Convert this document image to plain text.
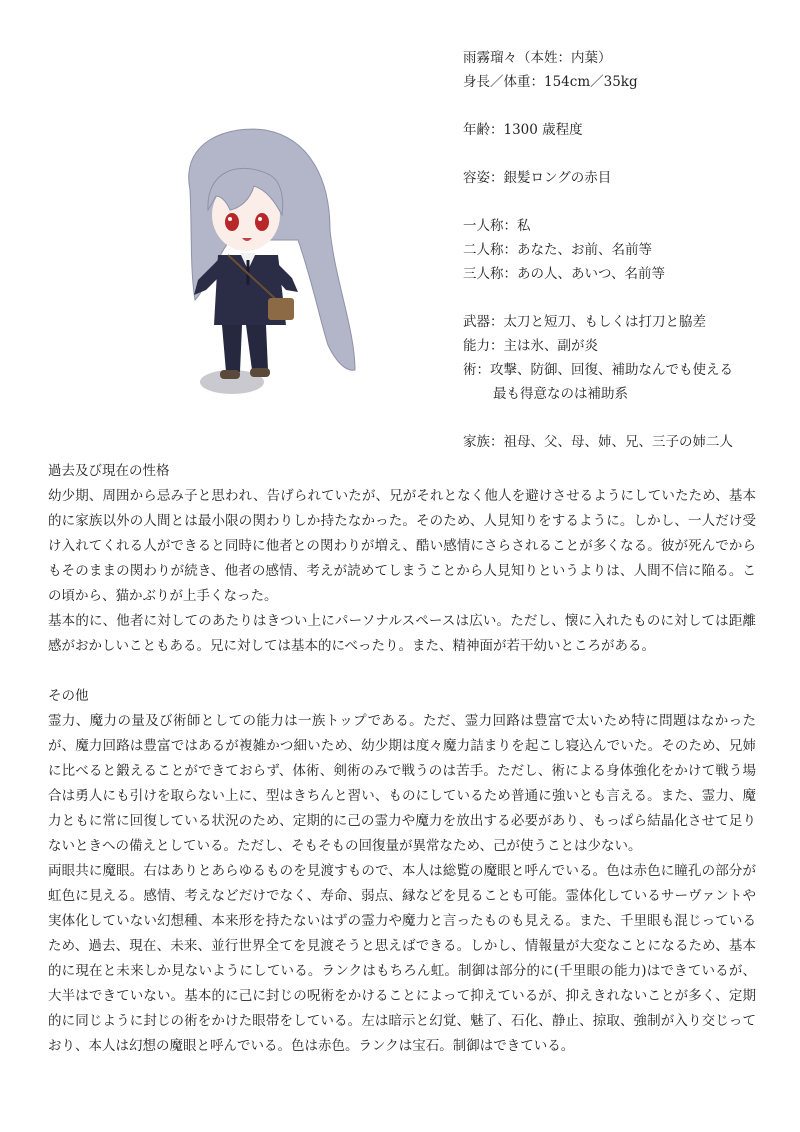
雨霧瑠々（本姓：内葉）
身長／体重：154cm／35kg
年齢：1300 歳程度
容姿：銀髪ロングの赤目
一人称：私
二人称：あなた、お前、名前等
三人称：あの人、あいつ、名前等
武器：太刀と短刀、もしくは打刀と脇差
能力：主は氷、副が炎
術：攻撃、防御、回復、補助なんでも使える
最も得意なのは補助系
家族：祖母、父、母、姉、兄、三子の姉二人

過去及び現在の性格

幼少期、周囲から忌み子と思われ、告げられていたが、兄がそれとなく他人を避けさせるようにしていたため、基本的に家族以外の人間とは最小限の関わりしか持たなかった。そのため、人見知りをするように。しかし、一人だけ受け入れてくれる人ができると同時に他者との関わりが増え、酷い感情にさらされることが多くなる。彼が死んでからもそのままの関わりが続き、他者の感情、考えが読めてしまうことから人見知りというよりは、人間不信に陥る。この頃から、猫かぶりが上手くなった。

基本的に、他者に対してのあたりはきつい上にパーソナルスペースは広い。ただし、懐に入れたものに対しては距離感がおかしいこともある。兄に対しては基本的にべったり。また、精神面が若干幼いところがある。

その他

霊力、魔力の量及び術師としての能力は一族トップである。ただ、霊力回路は豊富で太いため特に問題はなかったが、魔力回路は豊富ではあるが複雑かつ細いため、幼少期は度々魔力詰まりを起こし寝込んでいた。そのため、兄姉に比べると鍛えることができておらず、体術、剣術のみで戦うのは苦手。ただし、術による身体強化をかけて戦う場合は勇人にも引けを取らない上に、型はきちんと習い、ものにしているため普通に強いとも言える。また、霊力、魔力ともに常に回復している状況のため、定期的に己の霊力や魔力を放出する必要があり、もっぱら結晶化させて足りないときへの備えとしている。ただし、そもそもの回復量が異常なため、己が使うことは少ない。

両眼共に魔眼。右はありとあらゆるものを見渡すもので、本人は総覧の魔眼と呼んでいる。色は赤色に瞳孔の部分が虹色に見える。感情、考えなどだけでなく、寿命、弱点、縁などを見ることも可能。霊体化しているサーヴァントや実体化していない幻想種、本来形を持たないはずの霊力や魔力と言ったものも見える。また、千里眼も混じっているため、過去、現在、未来、並行世界全てを見渡そうと思えばできる。しかし、情報量が大変なことになるため、基本的に現在と未来しか見ないようにしている。ランクはもちろん虹。制御は部分的に(千里眼の能力)はできているが、大半はできていない。基本的に己に封じの呪術をかけることによって抑えているが、抑えきれないことが多く、定期的に同じように封じの術をかけた眼帯をしている。左は暗示と幻覚、魅了、石化、静止、掠取、強制が入り交じっており、本人は幻想の魔眼と呼んでいる。色は赤色。ランクは宝石。制御はできている。
